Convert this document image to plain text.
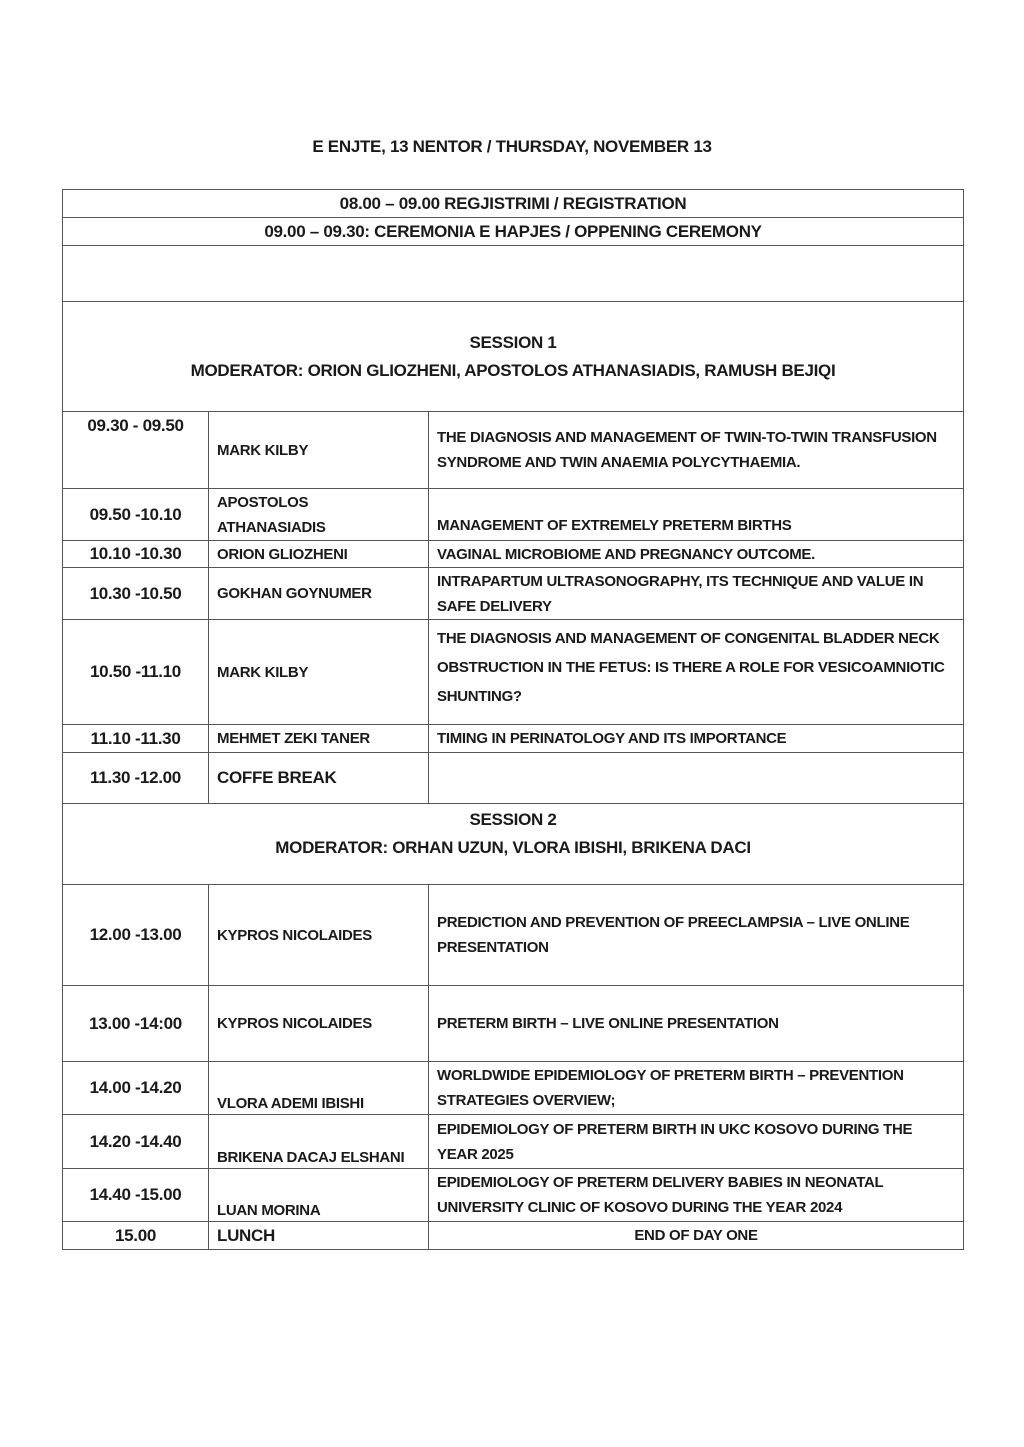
E ENJTE, 13 NENTOR / THURSDAY, NOVEMBER 13
08.00 – 09.00 REGJISTRIMI / REGISTRATION		
09.00 – 09.30: CEREMONIA E HAPJES / OPPENING CEREMONY		

SESSION 1
MODERATOR: ORION GLIOZHENI, APOSTOLOS ATHANASIADIS, RAMUSH BEJIQI		

09.30 - 09.50	MARK KILBY	THE DIAGNOSIS AND MANAGEMENT OF TWIN-TO-TWIN TRANSFUSION SYNDROME AND TWIN ANAEMIA POLYCYTHAEMIA.
09.50 -10.10	APOSTOLOS ATHANASIADIS	MANAGEMENT OF EXTREMELY PRETERM BIRTHS
10.10 -10.30	ORION GLIOZHENI	VAGINAL MICROBIOME AND PREGNANCY OUTCOME.
10.30 -10.50	GOKHAN GOYNUMER	INTRAPARTUM ULTRASONOGRAPHY, ITS TECHNIQUE AND VALUE IN SAFE DELIVERY
10.50 -11.10	MARK KILBY	THE DIAGNOSIS AND MANAGEMENT OF CONGENITAL BLADDER NECK OBSTRUCTION IN THE FETUS: IS THERE A ROLE FOR VESICOAMNIOTIC SHUNTING?
11.10 -11.30	MEHMET ZEKI TANER	TIMING IN PERINATOLOGY AND ITS IMPORTANCE
11.30 -12.00	COFFE BREAK	

SESSION 2
MODERATOR: ORHAN UZUN, VLORA IBISHI, BRIKENA DACI		

12.00 -13.00	KYPROS NICOLAIDES	PREDICTION AND PREVENTION OF PREECLAMPSIA – LIVE ONLINE PRESENTATION
13.00 -14:00	KYPROS NICOLAIDES	PRETERM BIRTH – LIVE ONLINE PRESENTATION
14.00 -14.20	VLORA ADEMI IBISHI	WORLDWIDE EPIDEMIOLOGY OF PRETERM BIRTH – PREVENTION STRATEGIES OVERVIEW;
14.20 -14.40	BRIKENA DACAJ ELSHANI	EPIDEMIOLOGY OF PRETERM BIRTH IN UKC KOSOVO DURING THE YEAR 2025
14.40 -15.00	LUAN MORINA	EPIDEMIOLOGY OF PRETERM DELIVERY BABIES IN NEONATAL UNIVERSITY CLINIC OF KOSOVO DURING THE YEAR 2024
15.00	LUNCH	END OF DAY ONE
